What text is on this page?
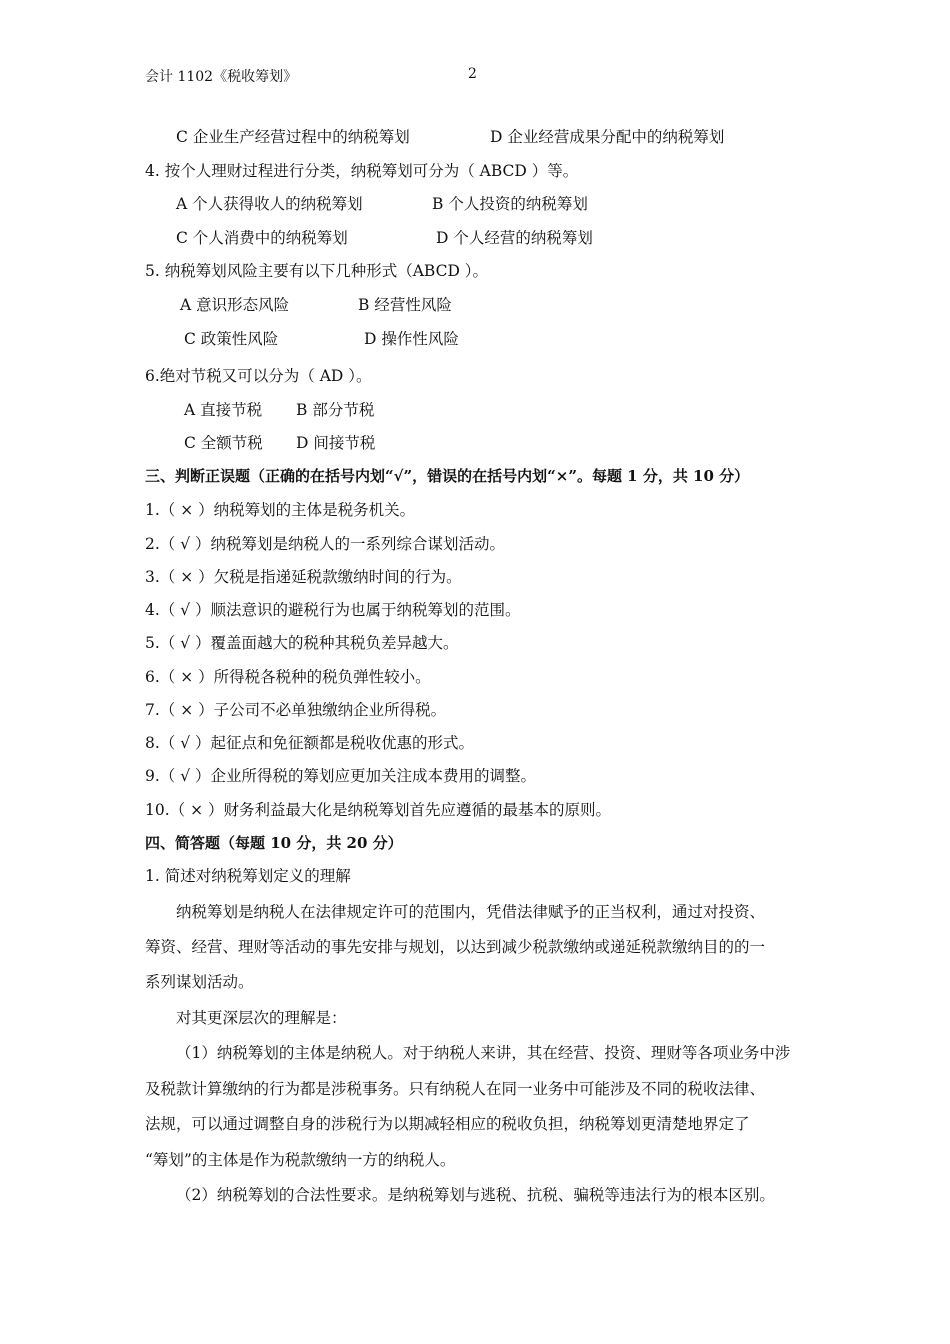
会计 1102《税收筹划》	2
C 企业生产经营过程中的纳税筹划	D 企业经营成果分配中的纳税筹划
4. 按个人理财过程进行分类，纳税筹划可分为（ ABCD ）等。
A 个人获得收人的纳税筹划	B 个人投资的纳税筹划
C 个人消费中的纳税筹划	D 个人经营的纳税筹划
5. 纳税筹划风险主要有以下几种形式（ABCD ）。
A 意识形态风险	B 经营性风险
C 政策性风险	D 操作性风险
6.绝对节税又可以分为（ AD ）。
A 直接节税 B 部分节税
C 全额节税 D 间接节税
三、判断正误题（正确的在括号内划“√”，错误的在括号内划“×”。每题 1 分，共 10 分）
1.（ × ）纳税筹划的主体是税务机关。
2.（ √ ）纳税筹划是纳税人的一系列综合谋划活动。
3.（ × ）欠税是指递延税款缴纳时间的行为。
4.（ √ ）顺法意识的避税行为也属于纳税筹划的范围。
5.（ √ ）覆盖面越大的税种其税负差异越大。
6.（ × ）所得税各税种的税负弹性较小。
7.（ × ）子公司不必单独缴纳企业所得税。
8.（ √ ）起征点和免征额都是税收优惠的形式。
9.（ √ ）企业所得税的筹划应更加关注成本费用的调整。
10.（ × ）财务利益最大化是纳税筹划首先应遵循的最基本的原则。
四、简答题（每题 10 分，共 20 分）
1. 简述对纳税筹划定义的理解
纳税筹划是纳税人在法律规定许可的范围内，凭借法律赋予的正当权利，通过对投资、
筹资、经营、理财等活动的事先安排与规划，以达到减少税款缴纳或递延税款缴纳目的的一
系列谋划活动。
对其更深层次的理解是：
（1）纳税筹划的主体是纳税人。对于纳税人来讲，其在经营、投资、理财等各项业务中涉
及税款计算缴纳的行为都是涉税事务。只有纳税人在同一业务中可能涉及不同的税收法律、
法规，可以通过调整自身的涉税行为以期减轻相应的税收负担，纳税筹划更清楚地界定了
“筹划”的主体是作为税款缴纳一方的纳税人。
（2）纳税筹划的合法性要求。是纳税筹划与逃税、抗税、骗税等违法行为的根本区别。
